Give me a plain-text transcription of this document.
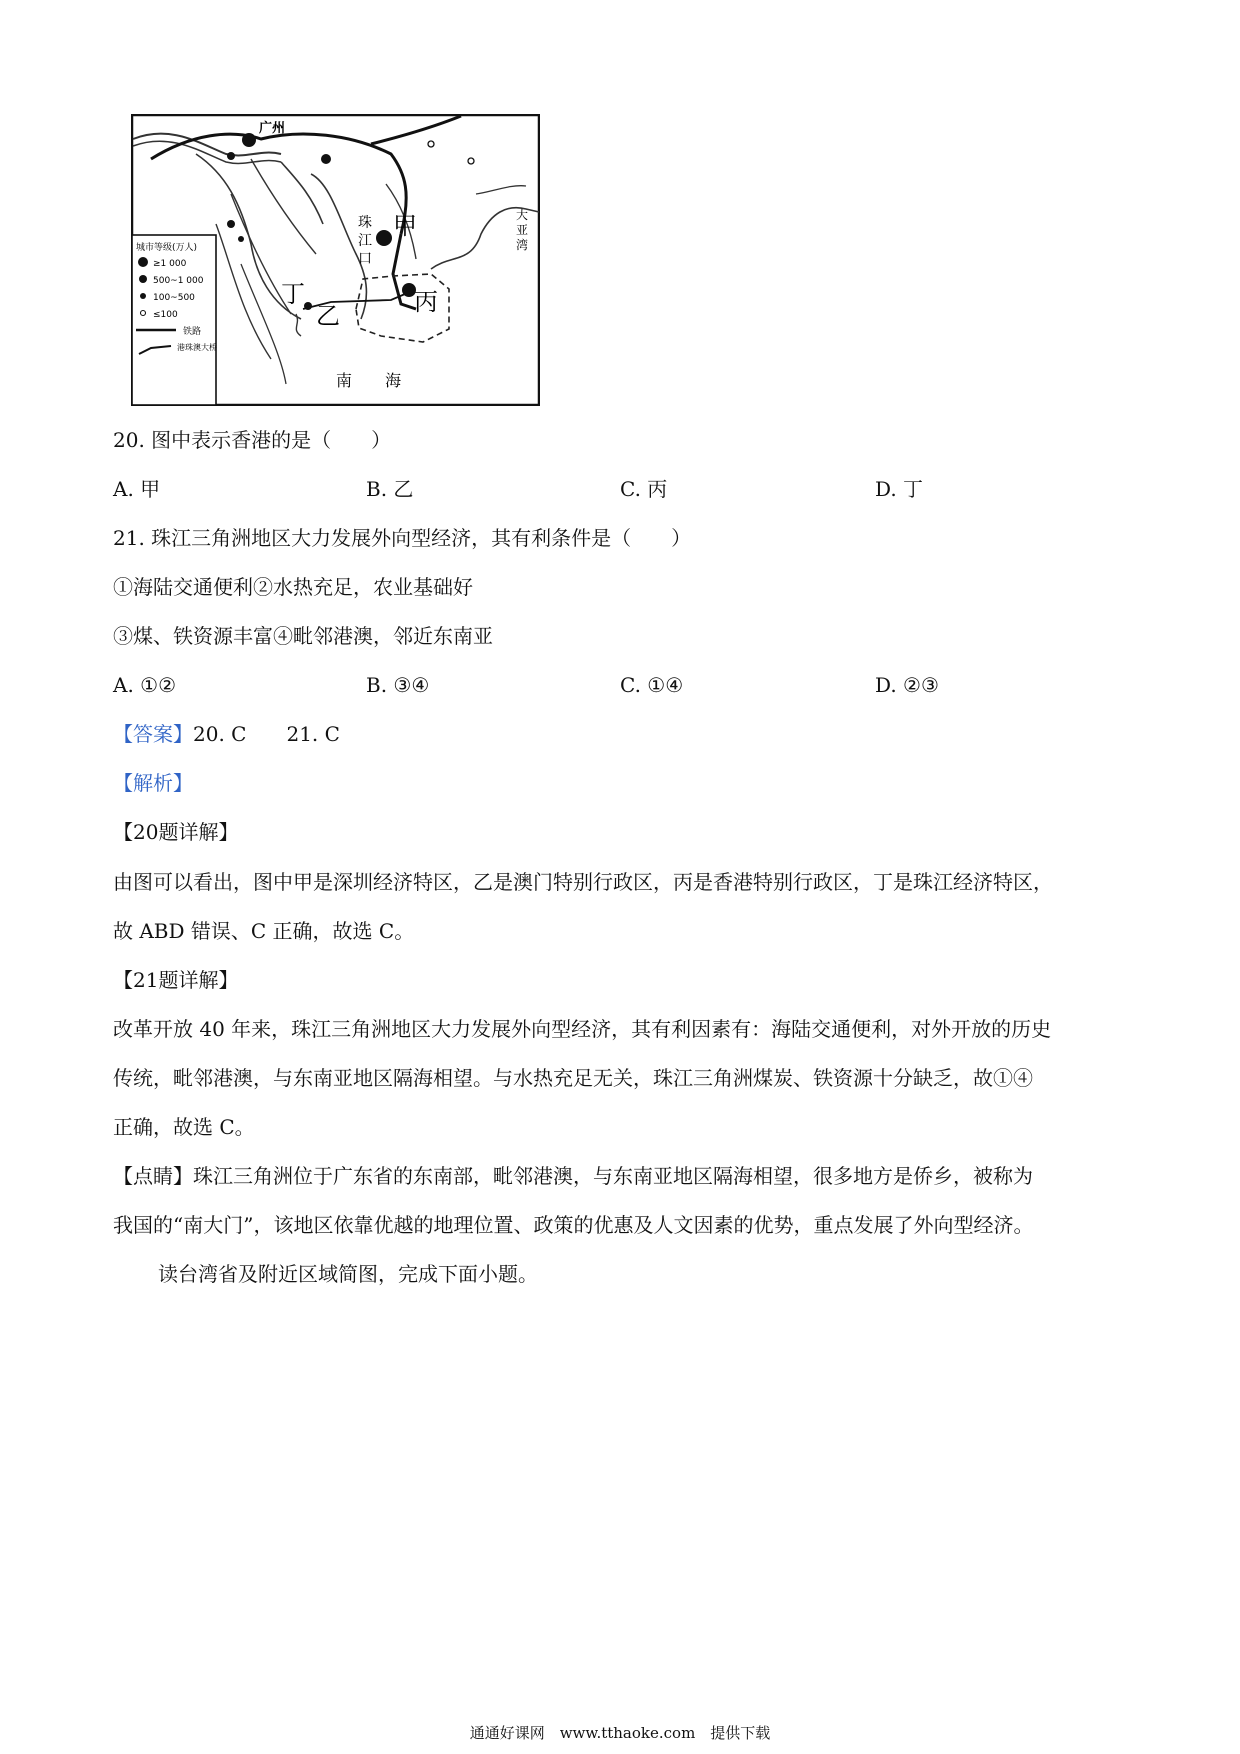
广州
甲
丙
乙
丁
南 海
珠
江
口
大
亚
湾
城市等级(万人)
≥1 000
500~1 000
100~500
≤100
铁路
港珠澳大桥
20. 图中表示香港的是（　　）
A. 甲	B. 乙	C. 丙	D. 丁
21. 珠江三角洲地区大力发展外向型经济，其有利条件是（　　）
①海陆交通便利②水热充足，农业基础好
③煤、铁资源丰富④毗邻港澳，邻近东南亚
A. ①②	B. ③④	C. ①④	D. ②③
【答案】20. C　　21. C
【解析】
【20题详解】
由图可以看出，图中甲是深圳经济特区，乙是澳门特别行政区，丙是香港特别行政区，丁是珠江经济特区，
故 ABD 错误、C 正确，故选 C。
【21题详解】
改革开放 40 年来，珠江三角洲地区大力发展外向型经济，其有利因素有：海陆交通便利，对外开放的历史
传统，毗邻港澳，与东南亚地区隔海相望。与水热充足无关，珠江三角洲煤炭、铁资源十分缺乏，故①④
正确，故选 C。
【点睛】珠江三角洲位于广东省的东南部，毗邻港澳，与东南亚地区隔海相望，很多地方是侨乡，被称为
我国的“南大门”，该地区依靠优越的地理位置、政策的优惠及人文因素的优势，重点发展了外向型经济。
读台湾省及附近区域简图，完成下面小题。
通通好课网　www.tthaoke.com　提供下载
